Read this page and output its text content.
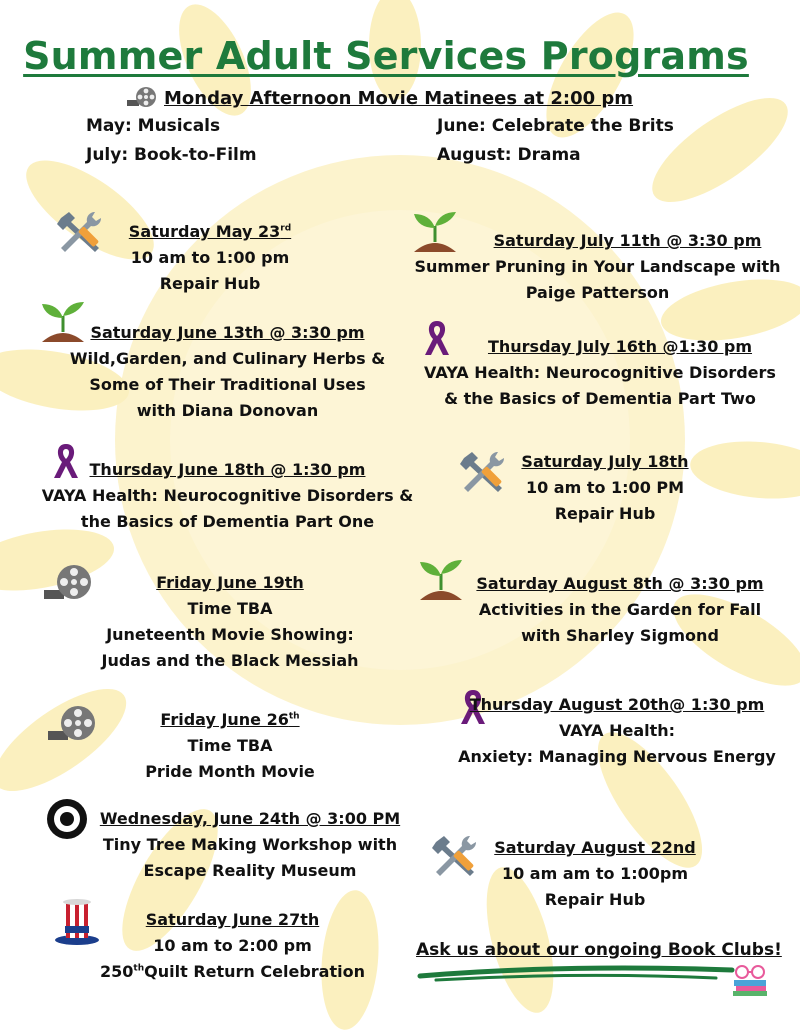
Summer Adult Services Programs
Monday Afternoon Movie Matinees at 2:00 pm
May: Musicals	June: Celebrate the Brits
July: Book-to-Film	August: Drama
Saturday May 23rd
10 am to 1:00 pm
Repair Hub
Saturday June 13th @ 3:30 pm
Wild,Garden, and Culinary Herbs &
Some of Their Traditional Uses
with Diana Donovan
Thursday June 18th @ 1:30 pm
VAYA Health: Neurocognitive Disorders &
the Basics of Dementia Part One
Friday June 19th
Time TBA
Juneteenth Movie Showing:
Judas and the Black Messiah
Friday June 26th
Time TBA
Pride Month Movie
Wednesday, June 24th @ 3:00 PM
Tiny Tree Making Workshop with
Escape Reality Museum
Saturday June 27th
10 am to 2:00 pm
250thQuilt Return Celebration
Saturday July 11th @ 3:30 pm
Summer Pruning in Your Landscape with
Paige Patterson
Thursday July 16th @1:30 pm
VAYA Health: Neurocognitive Disorders
& the Basics of Dementia Part Two
Saturday July 18th
10 am to 1:00 PM
Repair Hub
Saturday August 8th @ 3:30 pm
Activities in the Garden for Fall
with Sharley Sigmond
Thursday August 20th@ 1:30 pm
VAYA Health:
Anxiety: Managing Nervous Energy
Saturday August 22nd
10 am am to 1:00pm
Repair Hub
Ask us about our ongoing Book Clubs!
